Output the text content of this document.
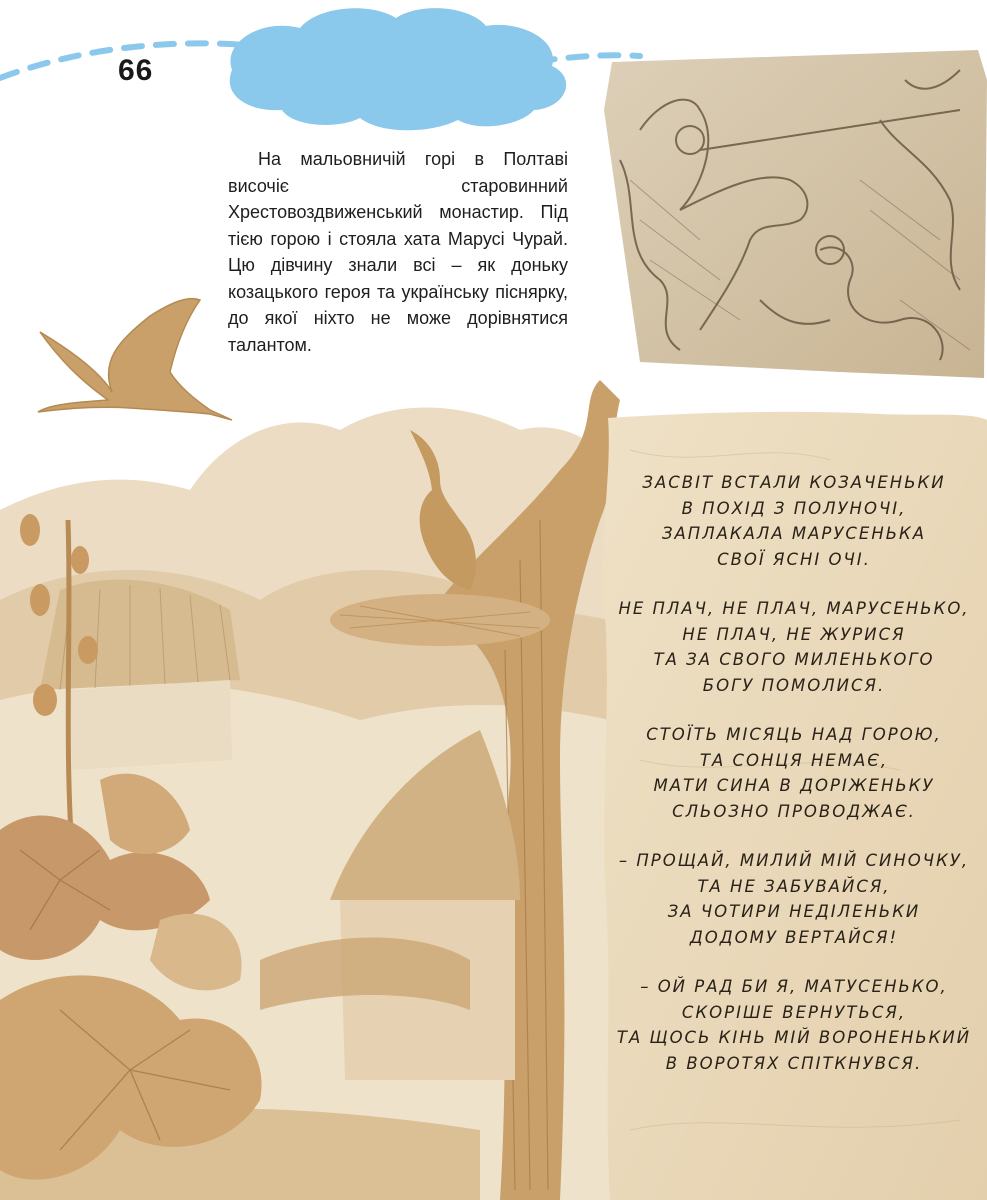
66

На мальовничій горі в Полтаві височіє старовинний Хрестовоздвиженський монастир. Під тією горою і стояла хата Марусі Чурай. Цю дівчину знали всі – як доньку козацького героя та українську піснярку, до якої ніхто не може дорівнятися талантом.

ЗАСВІТ ВСТАЛИ КОЗАЧЕНЬКИ
В ПОХІД З ПОЛУНОЧІ,
ЗАПЛАКАЛА МАРУСЕНЬКА
СВОЇ ЯСНІ ОЧІ.
НЕ ПЛАЧ, НЕ ПЛАЧ, МАРУСЕНЬКО,
НЕ ПЛАЧ, НЕ ЖУРИСЯ
ТА ЗА СВОГО МИЛЕНЬКОГО
БОГУ ПОМОЛИСЯ.
СТОЇТЬ МІСЯЦЬ НАД ГОРОЮ,
ТА СОНЦЯ НЕМАЄ,
МАТИ СИНА В ДОРІЖЕНЬКУ
СЛЬОЗНО ПРОВОДЖАЄ.
– ПРОЩАЙ, МИЛИЙ МІЙ СИНОЧКУ,
ТА НЕ ЗАБУВАЙСЯ,
ЗА ЧОТИРИ НЕДІЛЕНЬКИ
ДОДОМУ ВЕРТАЙСЯ!
– ОЙ РАД БИ Я, МАТУСЕНЬКО,
СКОРІШЕ ВЕРНУТЬСЯ,
ТА ЩОСЬ КІНЬ МІЙ ВОРОНЕНЬКИЙ
В ВОРОТЯХ СПІТКНУВСЯ.
